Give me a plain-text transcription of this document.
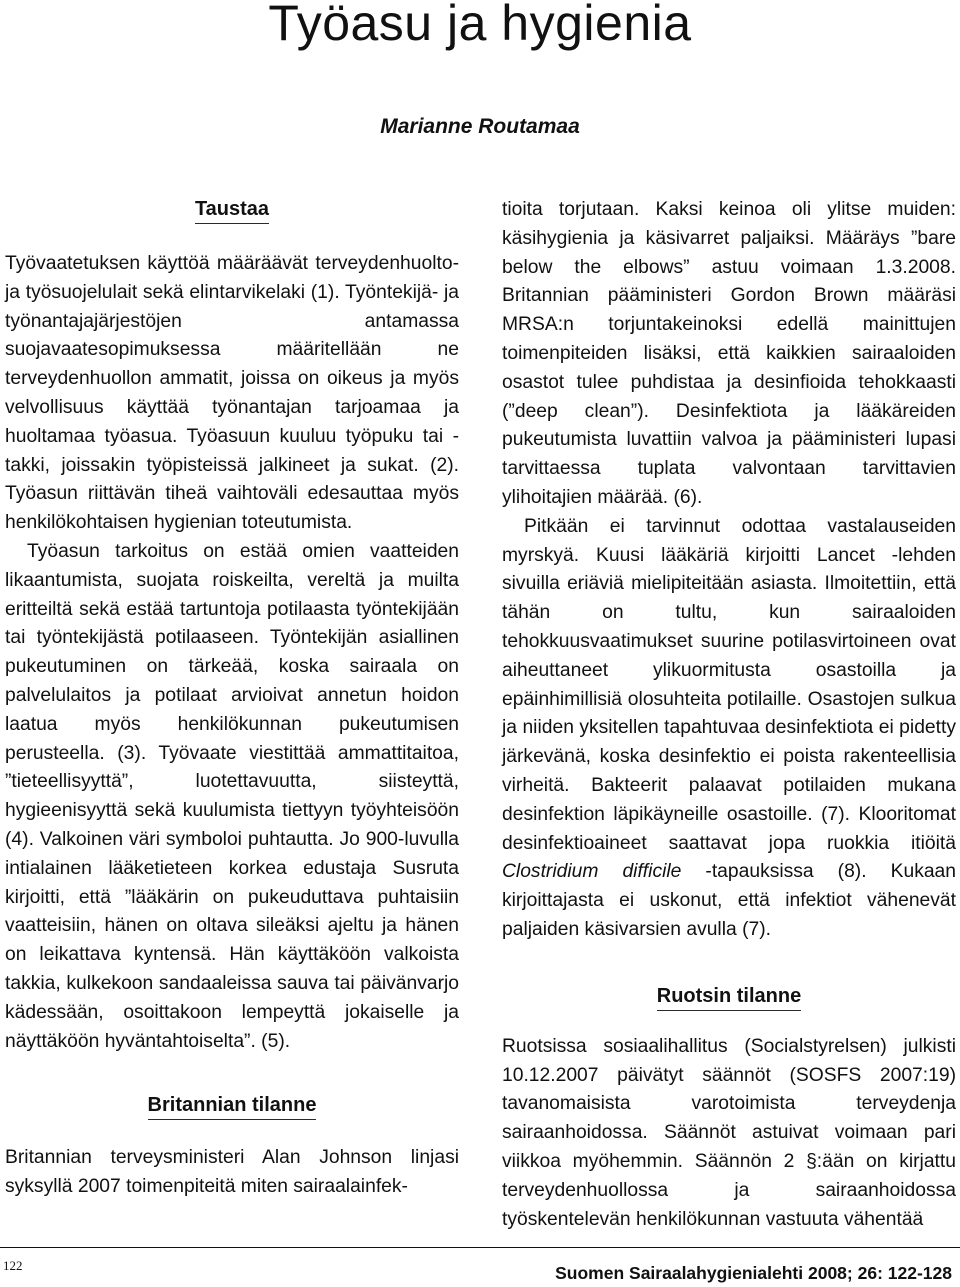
Työasu ja hygienia
Marianne Routamaa
Taustaa

Työvaatetuksen käyttöä määräävät terveydenhuolto- ja työsuojelulait sekä elintarvikelaki (1). Työntekijä- ja työnantajajärjestöjen antamassa suojavaatesopimuksessa määritellään ne terveydenhuollon ammatit, joissa on oikeus ja myös velvollisuus käyttää työnantajan tarjoamaa ja huoltamaa työasua. Työasuun kuuluu työpuku tai -takki, joissakin työpisteissä jalkineet ja sukat. (2). Työasun riittävän tiheä vaihtoväli edesauttaa myös henkilökohtaisen hygienian toteutumista.

Työasun tarkoitus on estää omien vaatteiden likaantumista, suojata roiskeilta, vereltä ja muilta eritteiltä sekä estää tartuntoja potilaasta työntekijään tai työntekijästä potilaaseen. Työntekijän asiallinen pukeutuminen on tärkeää, koska sairaala on palvelulaitos ja potilaat arvioivat annetun hoidon laatua myös henkilökunnan pukeutumisen perusteella. (3). Työvaate viestittää ammattitaitoa, ”tieteellisyyttä”, luotettavuutta, siisteyttä, hygieenisyyttä sekä kuulumista tiettyyn työyhteisöön (4). Valkoinen väri symboloi puhtautta. Jo 900-luvulla intialainen lääketieteen korkea edustaja Susruta kirjoitti, että ”lääkärin on pukeuduttava puhtaisiin vaatteisiin, hänen on oltava sileäksi ajeltu ja hänen on leikattava kyntensä. Hän käyttäköön valkoista takkia, kulkekoon sandaaleissa sauva tai päivänvarjo kädessään, osoittakoon lempeyttä jokaiselle ja näyttäköön hyväntahtoiselta”. (5).

Britannian tilanne

Britannian terveysministeri Alan Johnson linjasi syksyllä 2007 toimenpiteitä miten sairaalainfek-

tioita torjutaan. Kaksi keinoa oli ylitse muiden: käsihygienia ja käsivarret paljaiksi. Määräys ”bare below the elbows” astuu voimaan 1.3.2008. Britannian pääministeri Gordon Brown määräsi MRSA:n torjuntakeinoksi edellä mainittujen toimenpiteiden lisäksi, että kaikkien sairaaloiden osastot tulee puhdistaa ja desinfioida tehokkaasti (”deep clean”). Desinfektiota ja lääkäreiden pukeutumista luvattiin valvoa ja pääministeri lupasi tarvittaessa tuplata valvontaan tarvittavien ylihoitajien määrää. (6).

Pitkään ei tarvinnut odottaa vastalauseiden myrskyä. Kuusi lääkäriä kirjoitti Lancet -lehden sivuilla eriäviä mielipiteitään asiasta. Ilmoitettiin, että tähän on tultu, kun sairaaloiden tehokkuusvaatimukset suurine potilasvirtoineen ovat aiheuttaneet ylikuormitusta osastoilla ja epäinhimillisiä olosuhteita potilaille. Osastojen sulkua ja niiden yksitellen tapahtuvaa desinfektiota ei pidetty järkevänä, koska desinfektio ei poista rakenteellisia virheitä. Bakteerit palaavat potilaiden mukana desinfektion läpikäyneille osastoille. (7). Klooritomat desinfektioaineet saattavat jopa ruokkia itiöitä Clostridium difficile -tapauksissa (8). Kukaan kirjoittajasta ei uskonut, että infektiot vähenevät paljaiden käsivarsien avulla (7).

Ruotsin tilanne

Ruotsissa sosiaalihallitus (Socialstyrelsen) julkisti 10.12.2007 päivätyt säännöt (SOSFS 2007:19) tavanomaisista varotoimista terveydenja sairaanhoidossa. Säännöt astuivat voimaan pari viikkoa myöhemmin. Säännön 2 §:ään on kirjattu terveydenhuollossa ja sairaanhoidossa työskentelevän henkilökunnan vastuuta vähentää

122	Suomen Sairaalahygienialehti 2008; 26: 122-128
